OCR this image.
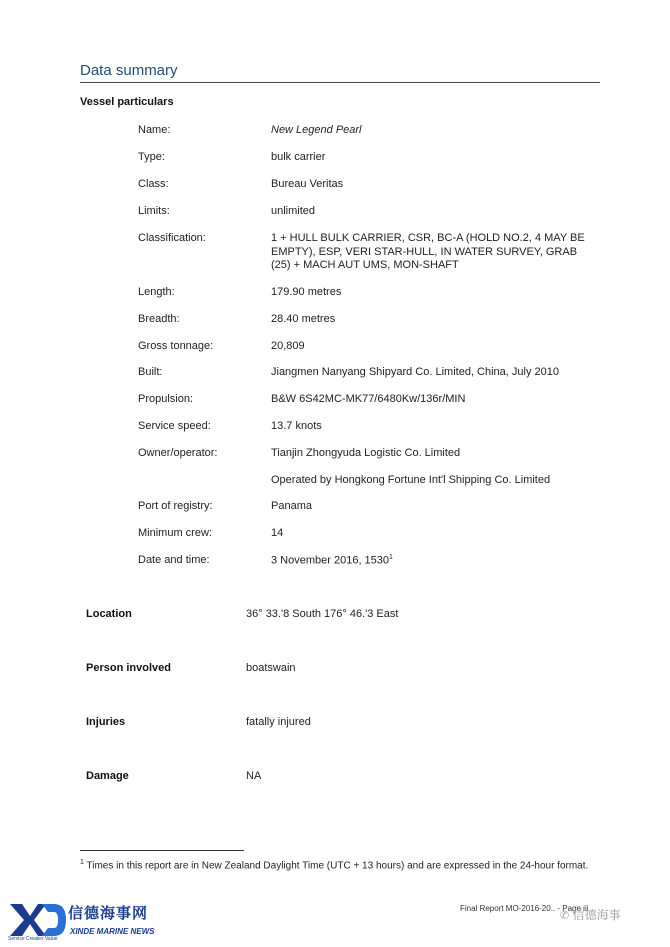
Data summary
Vessel particulars
Name:	New Legend Pearl
Type:	bulk carrier
Class:	Bureau Veritas
Limits:	unlimited
Classification:	1 + HULL BULK CARRIER, CSR, BC-A (HOLD NO.2, 4 MAY BE EMPTY), ESP, VERI STAR-HULL, IN WATER SURVEY, GRAB (25) + MACH AUT UMS, MON-SHAFT
Length:	179.90 metres
Breadth:	28.40 metres
Gross tonnage:	20,809
Built:	Jiangmen Nanyang Shipyard Co. Limited, China, July 2010
Propulsion:	B&W 6S42MC-MK77/6480Kw/136r/MIN
Service speed:	13.7 knots
Owner/operator:	Tianjin Zhongyuda Logistic Co. Limited
Operated by Hongkong Fortune Int'l Shipping Co. Limited
Port of registry:	Panama
Minimum crew:	14
Date and time:	3 November 2016, 1530$^1$
Location	36° 33.'8 South 176° 46.'3 East
Person involved	boatswain
Injuries	fatally injured
Damage	NA
$^1$ Times in this report are in New Zealand Daylight Time (UTC + 13 hours) and are expressed in the 24-hour format.
Final Report MO-2016-20.. - Page iii
✆ 信德海事
信德海事网
XINDE MARINE NEWS
Service Creates Value
